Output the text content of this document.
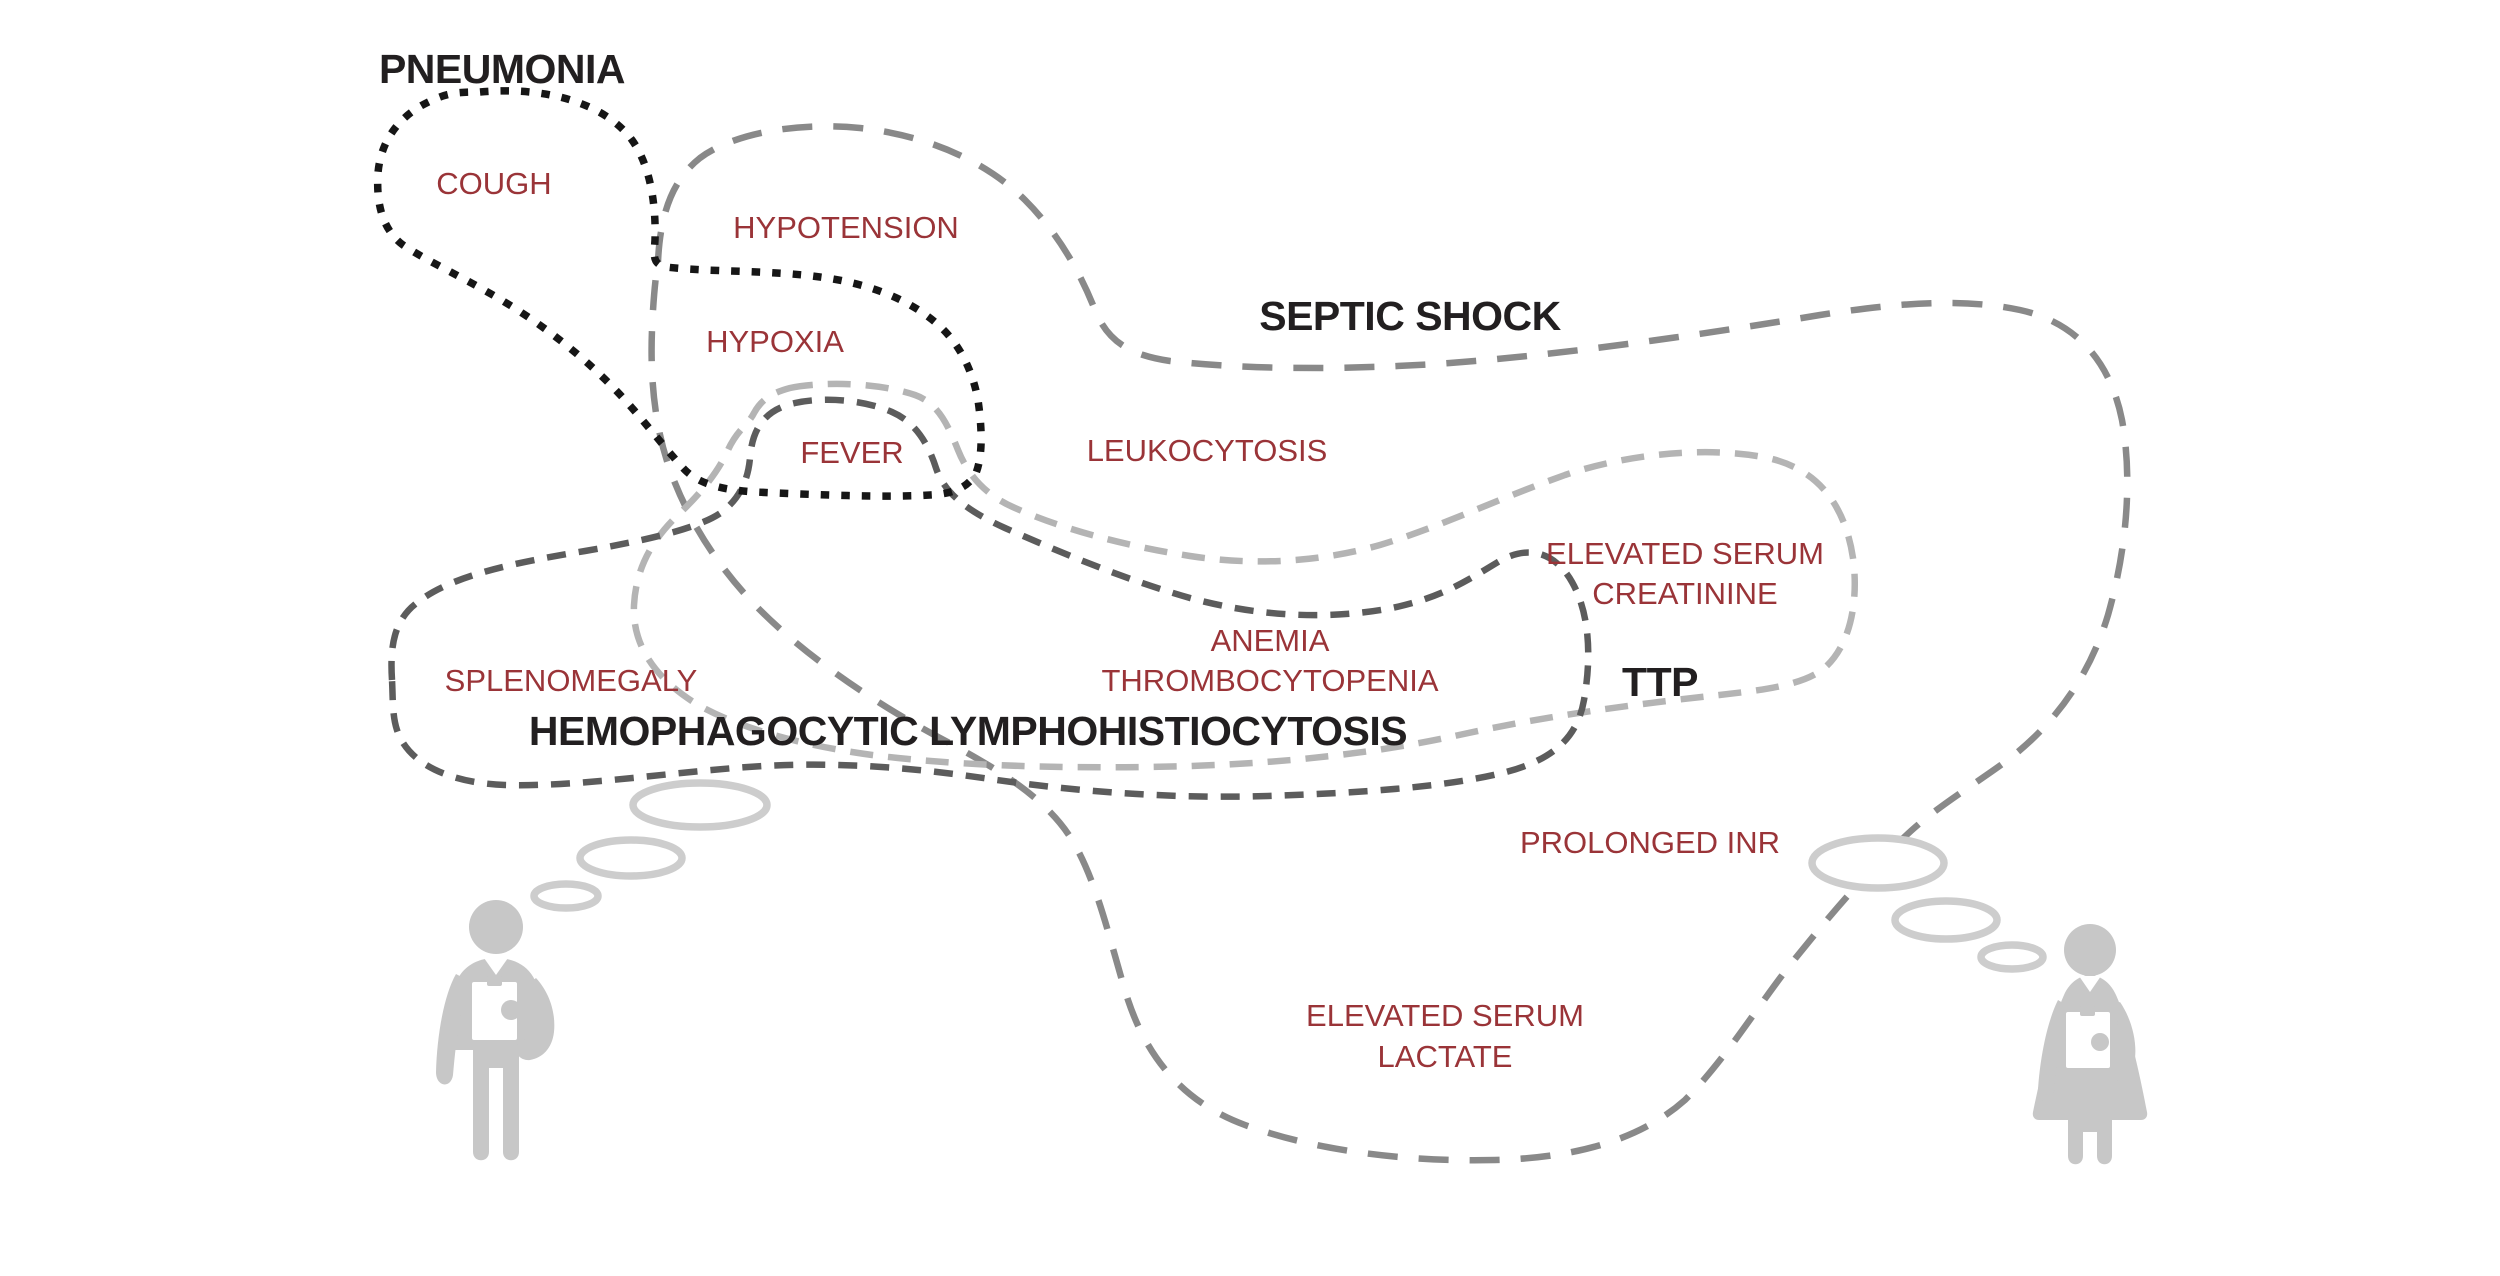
PNEUMONIA
SEPTIC SHOCK
TTP
HEMOPHAGOCYTIC LYMPHOHISTIOCYTOSIS
COUGH
HYPOTENSION
HYPOXIA
FEVER	LEUKOCYTOSIS
ELEVATED SERUM
CREATININE
SPLENOMEGALY
ANEMIA
THROMBOCYTOPENIA
PROLONGED INR
ELEVATED SERUM
LACTATE
